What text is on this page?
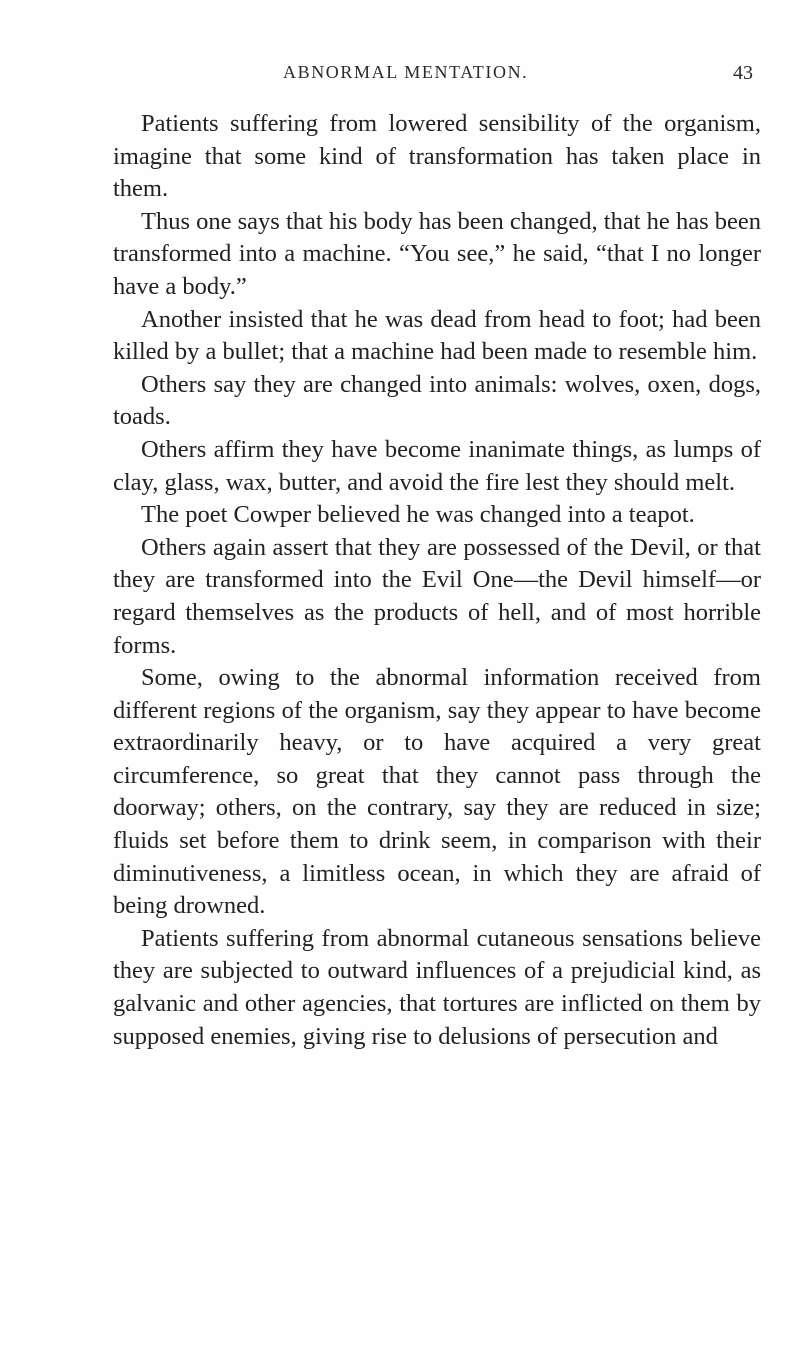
ABNORMAL MENTATION.	43

Patients suffering from lowered sensibility of the organism, imagine that some kind of transformation has taken place in them.

Thus one says that his body has been changed, that he has been transformed into a machine. “You see,” he said, “that I no longer have a body.”

Another insisted that he was dead from head to foot; had been killed by a bullet; that a machine had been made to resemble him.

Others say they are changed into animals: wolves, oxen, dogs, toads.

Others affirm they have become inanimate things, as lumps of clay, glass, wax, butter, and avoid the fire lest they should melt.

The poet Cowper believed he was changed into a teapot.

Others again assert that they are possessed of the Devil, or that they are transformed into the Evil One—the Devil himself—or regard themselves as the products of hell, and of most horrible forms.

Some, owing to the abnormal information received from different regions of the organism, say they appear to have become extraordinarily heavy, or to have acquired a very great circumference, so great that they cannot pass through the doorway; others, on the contrary, say they are reduced in size; fluids set before them to drink seem, in comparison with their diminutiveness, a limitless ocean, in which they are afraid of being drowned.

Patients suffering from abnormal cutaneous sensations believe they are subjected to outward influences of a prejudicial kind, as galvanic and other agencies, that tortures are inflicted on them by supposed enemies, giving rise to delusions of persecution and
